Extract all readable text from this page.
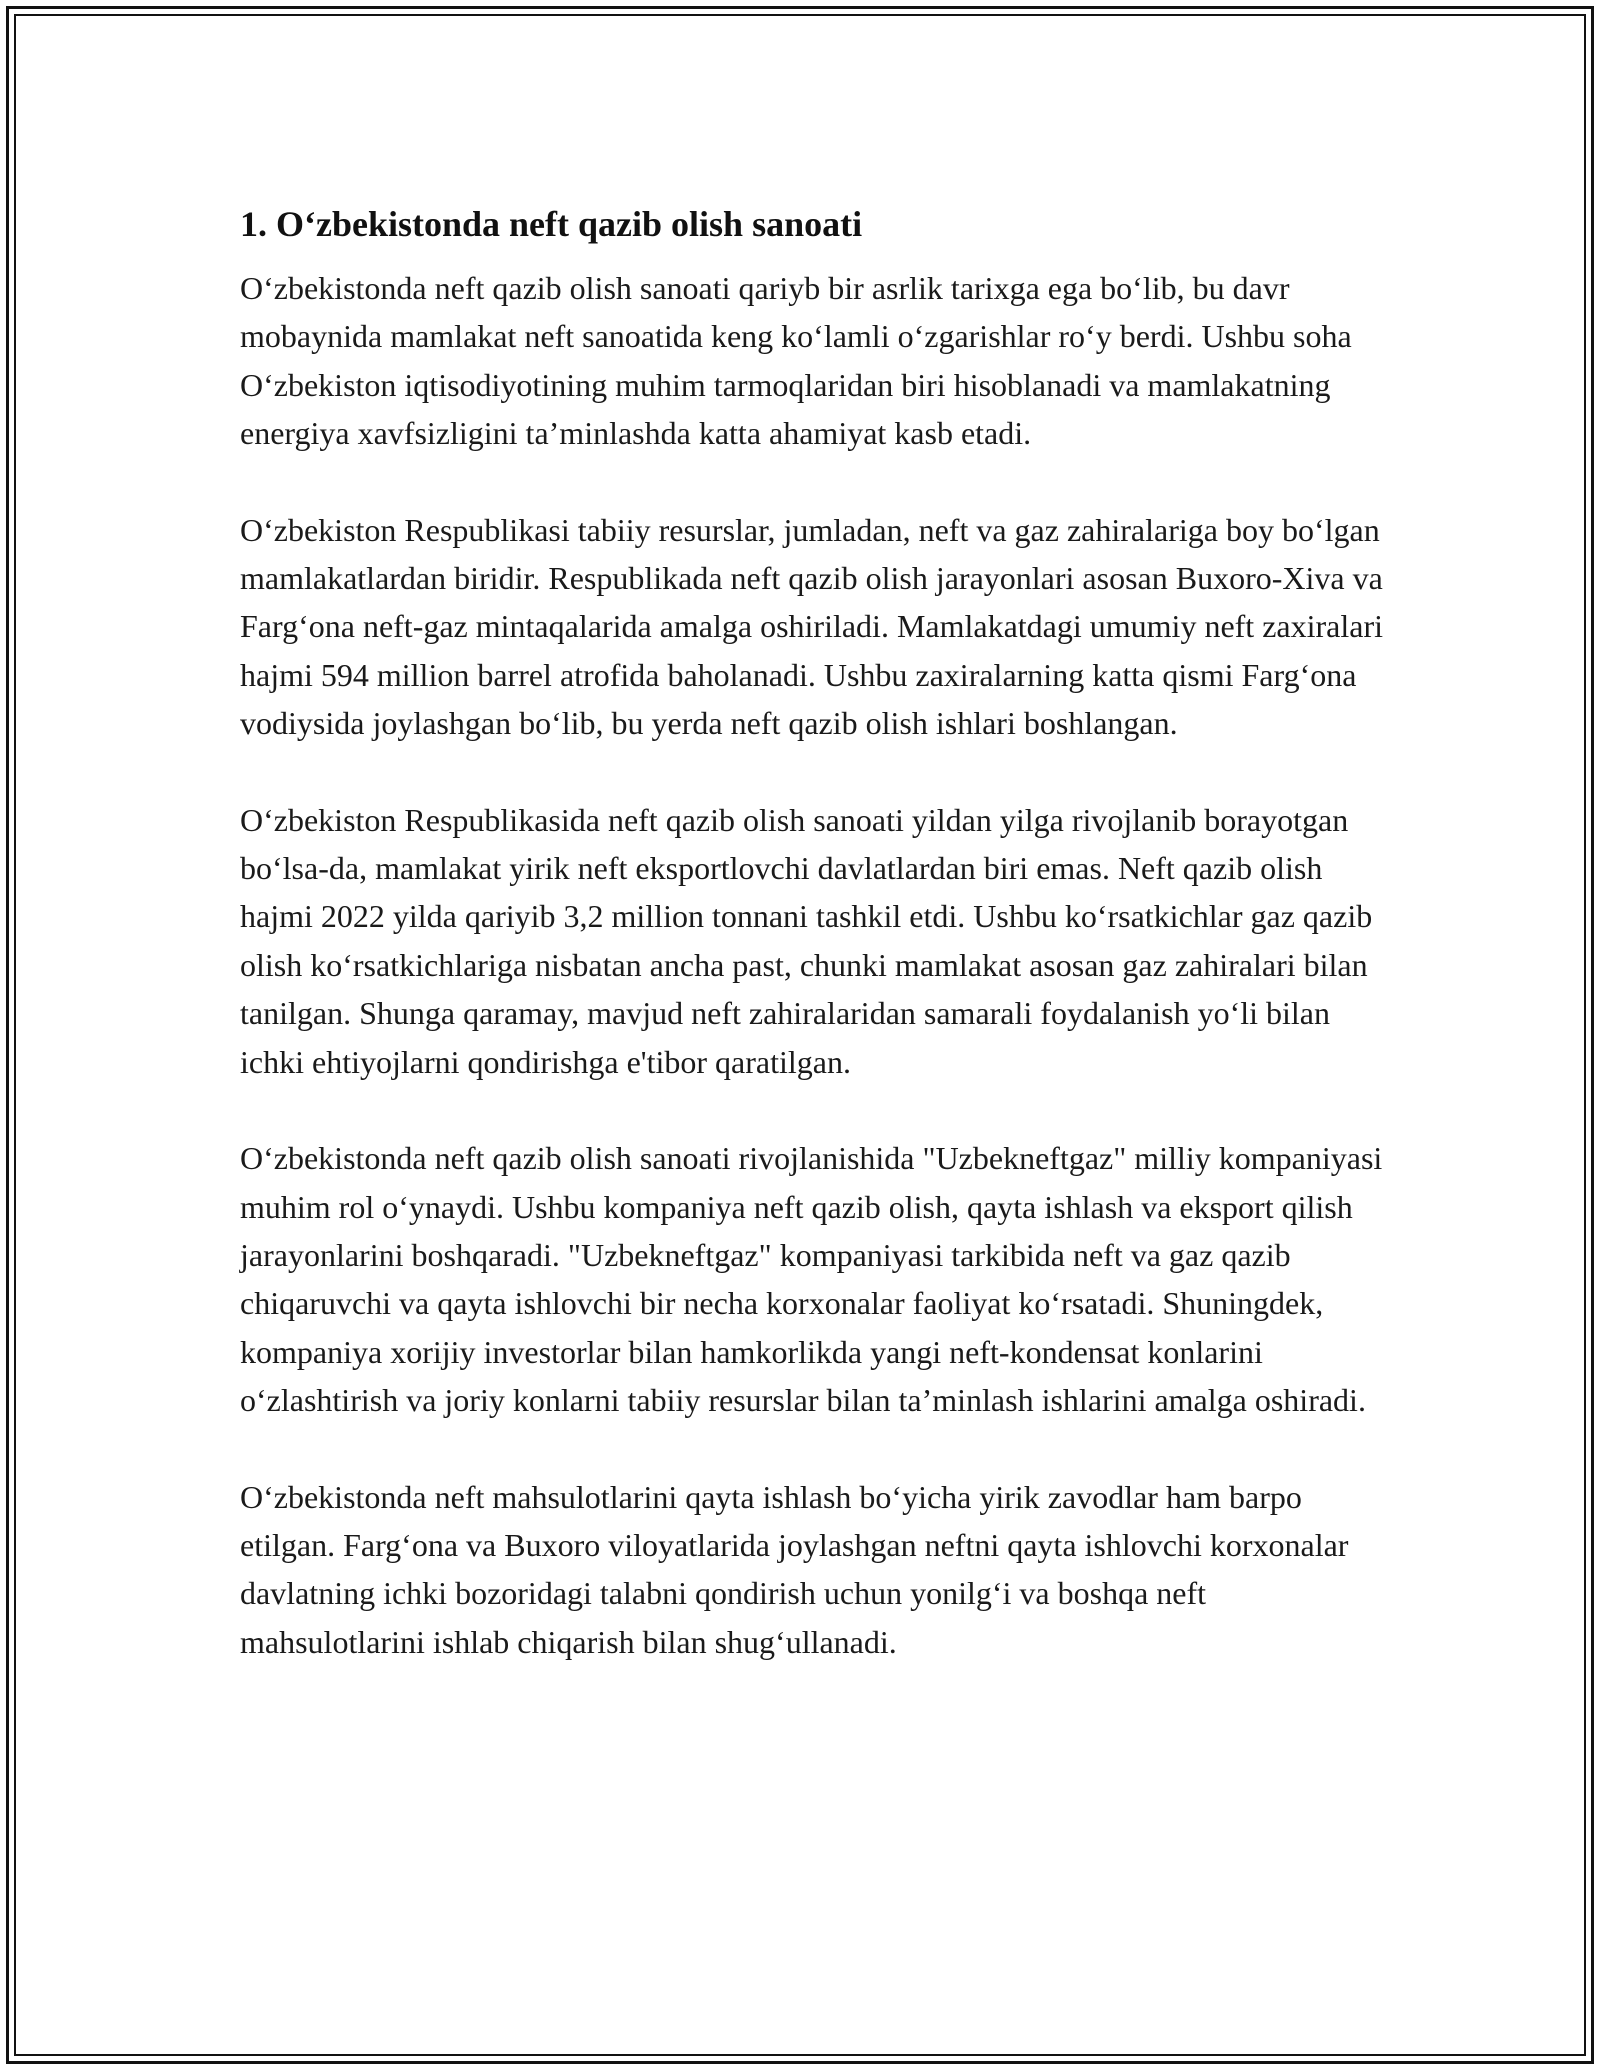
1. Oʻzbekistonda neft qazib olish sanoati

Oʻzbekistonda neft qazib olish sanoati qariyb bir asrlik tarixga ega boʻlib, bu davr mobaynida mamlakat neft sanoatida keng koʻlamli oʻzgarishlar roʻy berdi. Ushbu soha Oʻzbekiston iqtisodiyotining muhim tarmoqlaridan biri hisoblanadi va mamlakatning energiya xavfsizligini ta’minlashda katta ahamiyat kasb etadi.

Oʻzbekiston Respublikasi tabiiy resurslar, jumladan, neft va gaz zahiralariga boy boʻlgan mamlakatlardan biridir. Respublikada neft qazib olish jarayonlari asosan Buxoro-Xiva va Fargʻona neft-gaz mintaqalarida amalga oshiriladi. Mamlakatdagi umumiy neft zaxiralari hajmi 594 million barrel atrofida baholanadi. Ushbu zaxiralarning katta qismi Fargʻona vodiysida joylashgan boʻlib, bu yerda neft qazib olish ishlari boshlangan.

Oʻzbekiston Respublikasida neft qazib olish sanoati yildan yilga rivojlanib borayotgan boʻlsa-da, mamlakat yirik neft eksportlovchi davlatlardan biri emas. Neft qazib olish hajmi 2022 yilda qariyib 3,2 million tonnani tashkil etdi. Ushbu koʻrsatkichlar gaz qazib olish koʻrsatkichlariga nisbatan ancha past, chunki mamlakat asosan gaz zahiralari bilan tanilgan. Shunga qaramay, mavjud neft zahiralaridan samarali foydalanish yoʻli bilan ichki ehtiyojlarni qondirishga e'tibor qaratilgan.

Oʻzbekistonda neft qazib olish sanoati rivojlanishida "Uzbekneftgaz" milliy kompaniyasi muhim rol oʻynaydi. Ushbu kompaniya neft qazib olish, qayta ishlash va eksport qilish jarayonlarini boshqaradi. "Uzbekneftgaz" kompaniyasi tarkibida neft va gaz qazib chiqaruvchi va qayta ishlovchi bir necha korxonalar faoliyat koʻrsatadi. Shuningdek, kompaniya xorijiy investorlar bilan hamkorlikda yangi neft-kondensat konlarini oʻzlashtirish va joriy konlarni tabiiy resurslar bilan ta’minlash ishlarini amalga oshiradi.

Oʻzbekistonda neft mahsulotlarini qayta ishlash boʻyicha yirik zavodlar ham barpo etilgan. Fargʻona va Buxoro viloyatlarida joylashgan neftni qayta ishlovchi korxonalar davlatning ichki bozoridagi talabni qondirish uchun yonilgʻi va boshqa neft mahsulotlarini ishlab chiqarish bilan shugʻullanadi.
